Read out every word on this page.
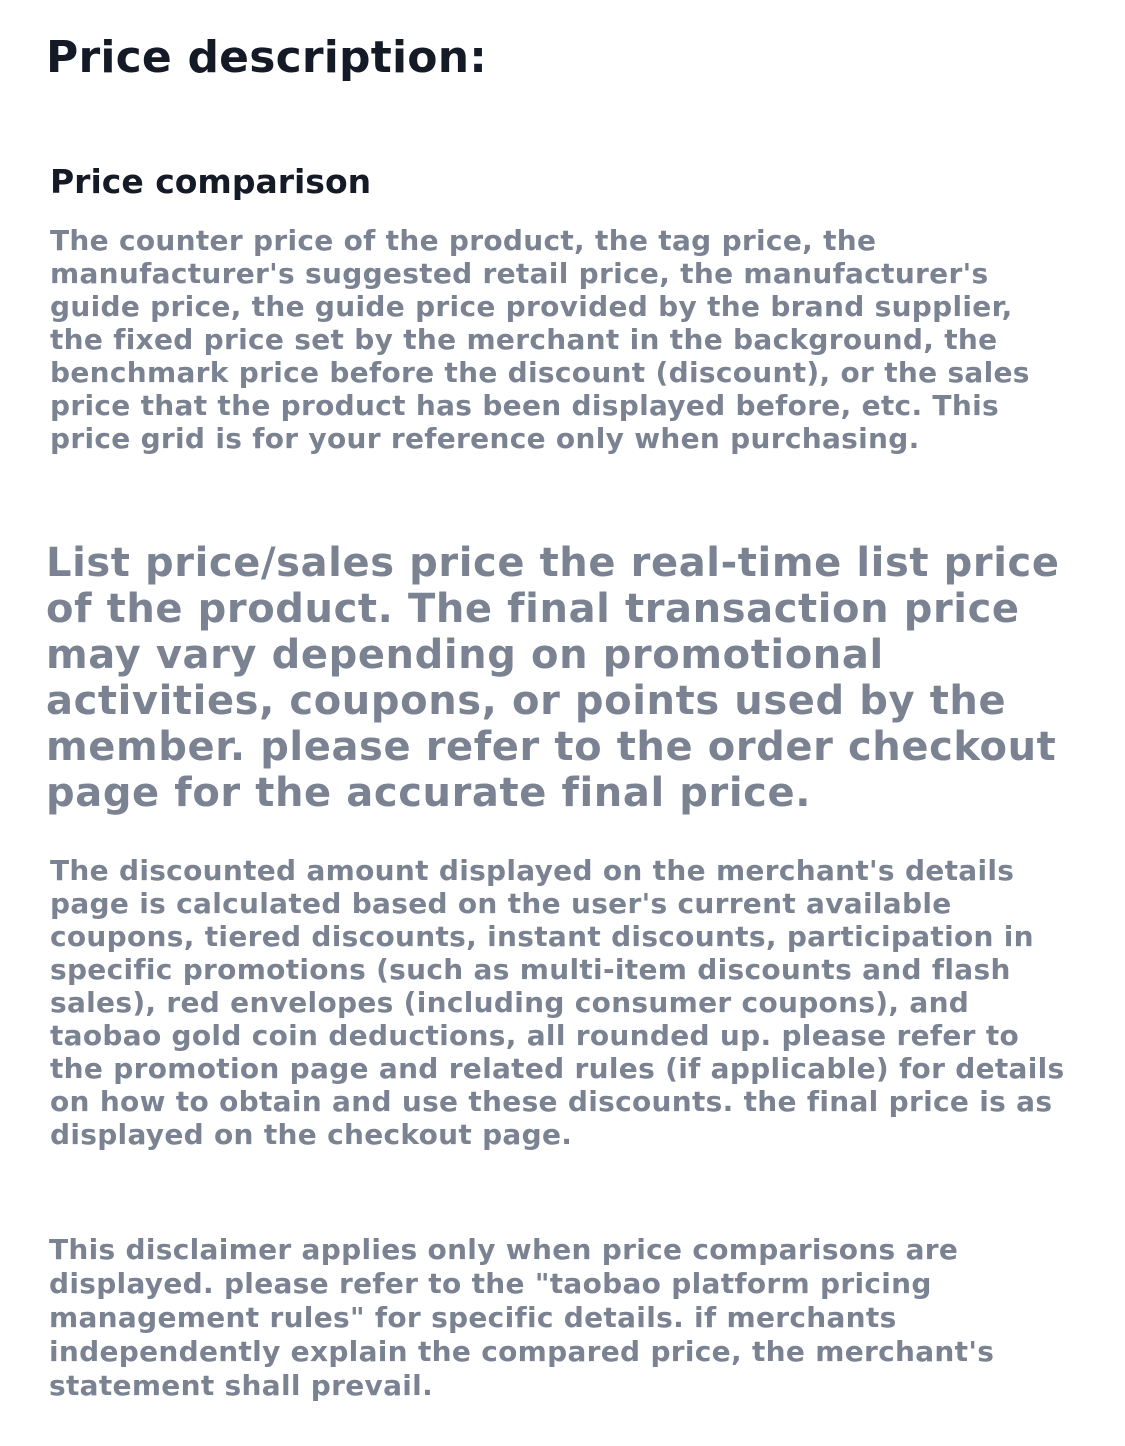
Price description:
Price comparison

The counter price of the product, the tag price, the manufacturer's suggested retail price, the manufacturer's guide price, the guide price provided by the brand supplier, the fixed price set by the merchant in the background, the benchmark price before the discount (discount), or the sales price that the product has been displayed before, etc. This price grid is for your reference only when purchasing.

List price/sales price the real-time list price of the product. The final transaction price may vary depending on promotional activities, coupons, or points used by the member. please refer to the order checkout page for the accurate final price.

The discounted amount displayed on the merchant's details page is calculated based on the user's current available coupons, tiered discounts, instant discounts, participation in specific promotions (such as multi-item discounts and flash sales), red envelopes (including consumer coupons), and taobao gold coin deductions, all rounded up. please refer to the promotion page and related rules (if applicable) for details on how to obtain and use these discounts. the final price is as displayed on the checkout page.

This disclaimer applies only when price comparisons are displayed. please refer to the "taobao platform pricing management rules" for specific details. if merchants independently explain the compared price, the merchant's statement shall prevail.
